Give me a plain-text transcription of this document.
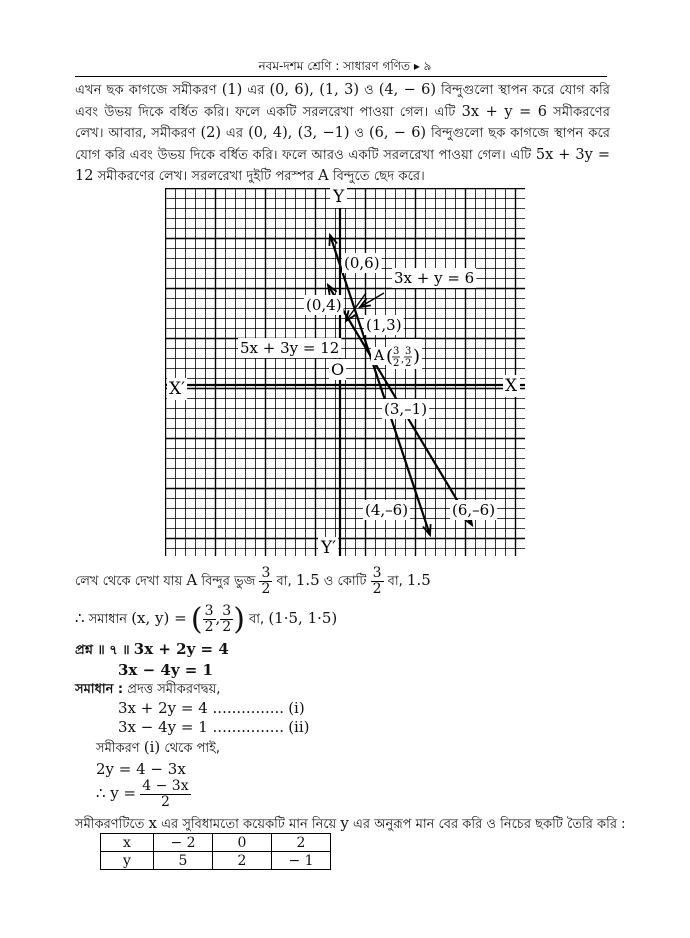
নবম-দশম শ্রেণি : সাধারণ গণিত ▸ ৯
এখন ছক কাগজে সমীকরণ (1) এর (0, 6), (1, 3) ও (4, − 6) বিন্দুগুলো স্থাপন করে যোগ করি এবং উভয় দিকে বর্ধিত করি। ফলে একটি সরলরেখা পাওয়া গেল। এটি 3x + y = 6 সমীকরণের লেখ। আবার, সমীকরণ (2) এর (0, 4), (3, −1) ও (6, − 6) বিন্দুগুলো ছক কাগজে স্থাপন করে যোগ করি এবং উভয় দিকে বর্ধিত করি। ফলে আরও একটি সরলরেখা পাওয়া গেল। এটি 5x + 3y = 12 সমীকরণের লেখ। সরলরেখা দুইটি পরস্পর A বিন্দুতে ছেদ করে।
X
X′
Y
Y′
O
3x + y = 6
5x + 3y = 12
(0,6)
(1,3)
(0,4)
(3,–1)
(4,–6)	(6,–6)
A ( 3
2 ,
3
2 )
লেখ থেকে দেখা যায় A বিন্দুর ভুজ $\frac{3}{2}$ বা, 1.5 ও কোটি $\frac{3}{2}$ বা, 1.5
∴ সমাধান (x, y) = ( $\frac{3}{2}$ , $\frac{3}{2}$ ) বা, (1·5, 1·5)
প্রশ্ন ॥ ৭ ॥ 3x + 2y = 4
3x − 4y = 1
সমাধান : প্রদত্ত সমীকরণদ্বয়,
3x + 2y = 4 ............... (i)
3x − 4y = 1 ............... (ii)
সমীকরণ (i) থেকে পাই,
2y = 4 − 3x
∴ $y = \frac{4 - 3x}{2}$
সমীকরণটিতে x এর সুবিধামতো কয়েকটি মান নিয়ে y এর অনুরূপ মান বের করি ও নিচের ছকটি তৈরি করি :
x	− 2	0	2
y	5	2	− 1
